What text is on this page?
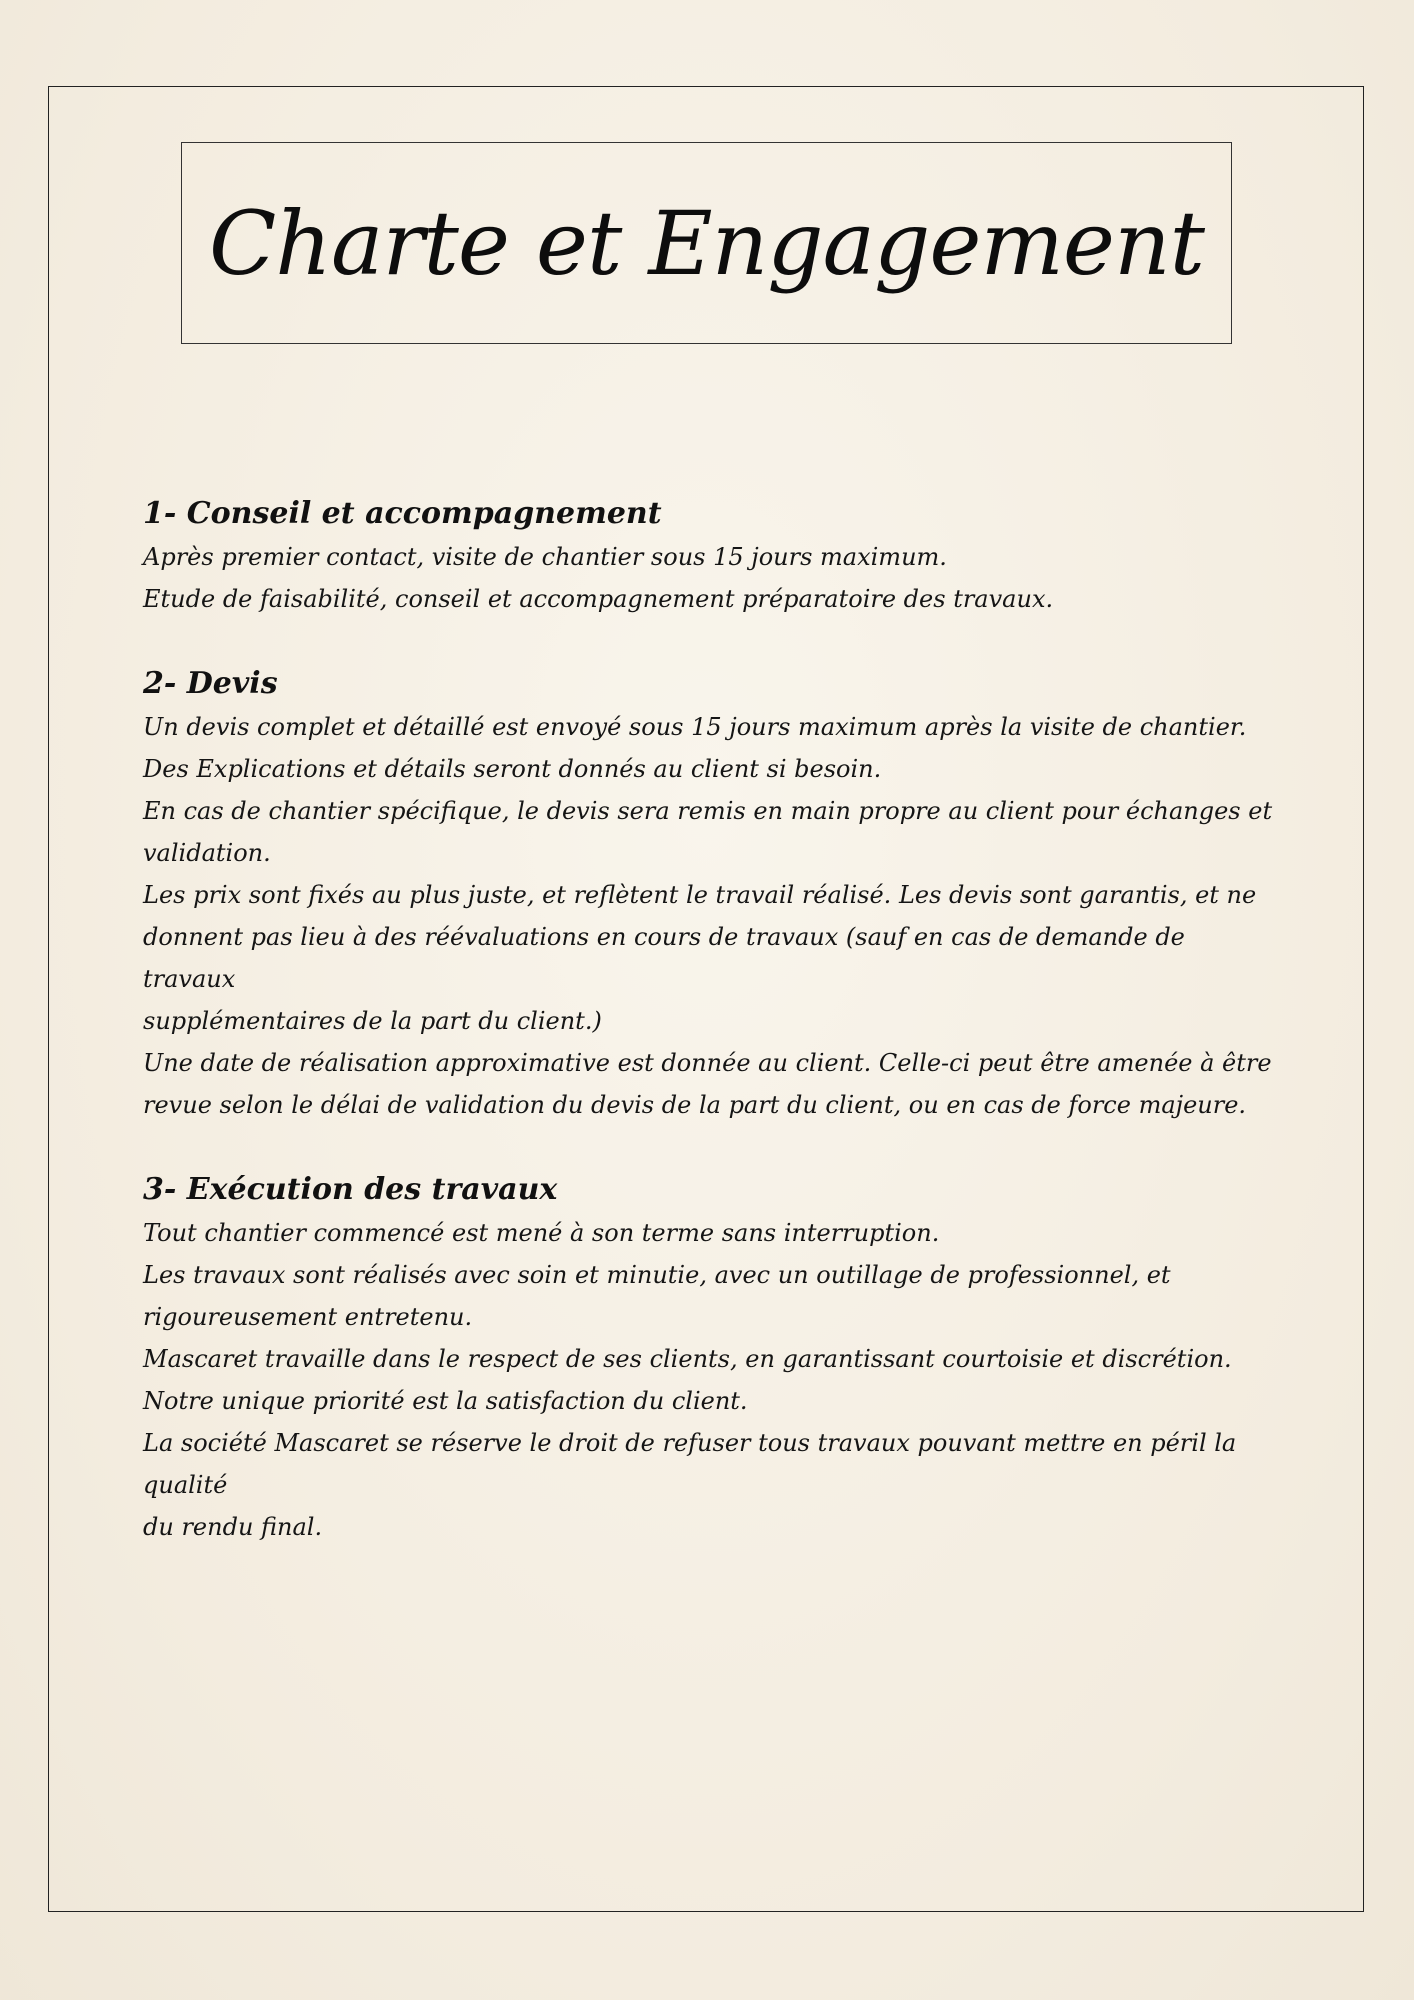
Charte et Engagement

1- Conseil et accompagnement

Après premier contact, visite de chantier sous 15 jours maximum.

Etude de faisabilité, conseil et accompagnement préparatoire des travaux.

2- Devis

Un devis complet et détaillé est envoyé sous 15 jours maximum après la visite de chantier.

Des Explications et détails seront donnés au client si besoin.

En cas de chantier spécifique, le devis sera remis en main propre au client pour échanges et

validation.

Les prix sont fixés au plus juste, et reflètent le travail réalisé. Les devis sont garantis, et ne

donnent pas lieu à des réévaluations en cours de travaux (sauf en cas de demande de travaux

supplémentaires de la part du client.)

Une date de réalisation approximative est donnée au client. Celle-ci peut être amenée à être

revue selon le délai de validation du devis de la part du client, ou en cas de force majeure.

3- Exécution des travaux

Tout chantier commencé est mené à son terme sans interruption.

Les travaux sont réalisés avec soin et minutie, avec un outillage de professionnel, et

rigoureusement entretenu.

Mascaret travaille dans le respect de ses clients, en garantissant courtoisie et discrétion.

Notre unique priorité est la satisfaction du client.

La société Mascaret se réserve le droit de refuser tous travaux pouvant mettre en péril la qualité

du rendu final.
